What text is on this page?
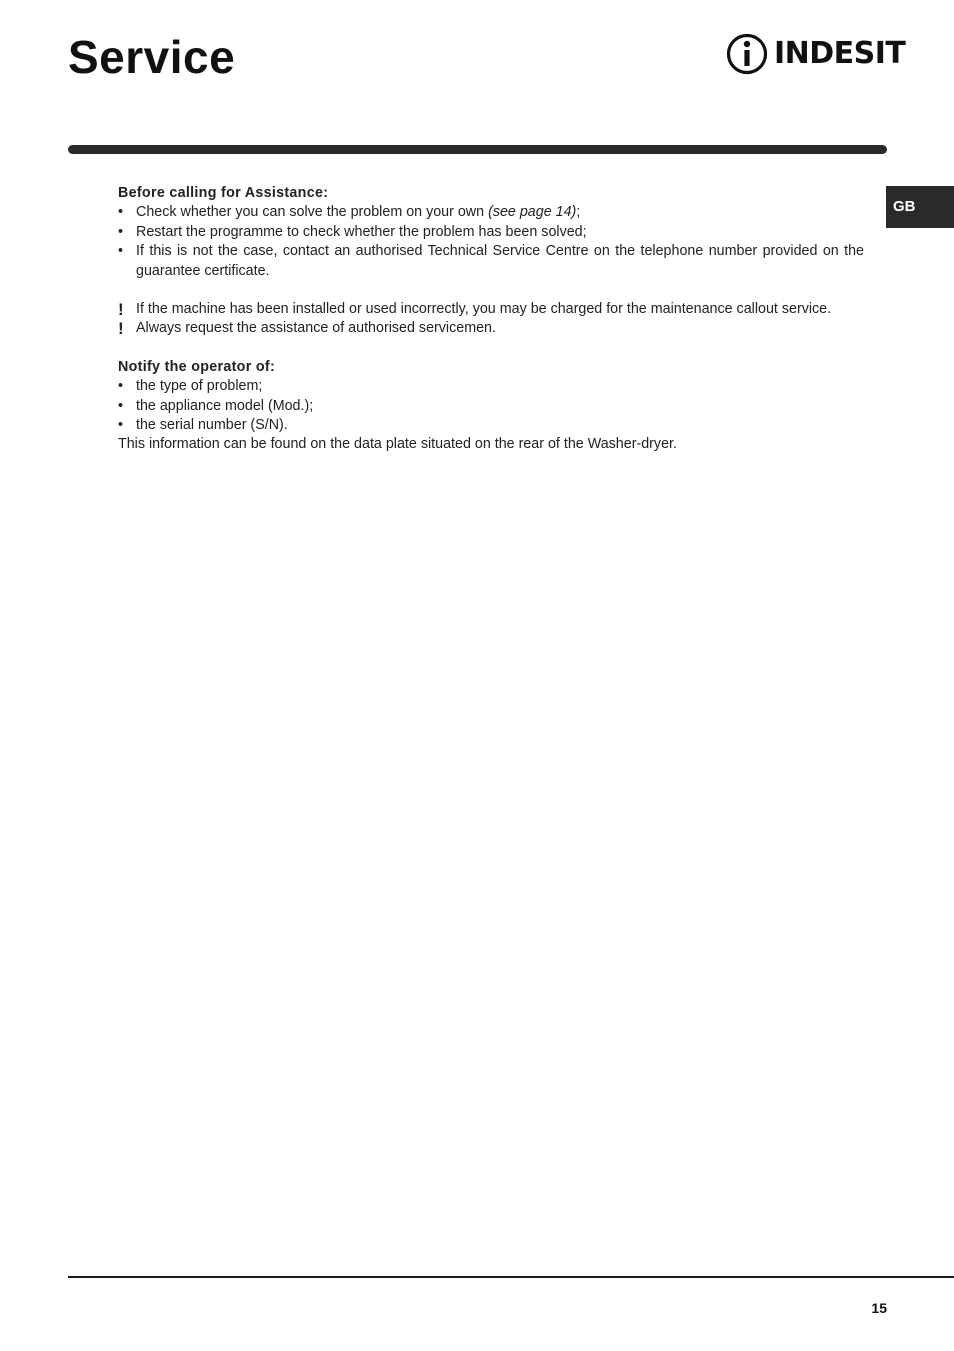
Service	INDESIT
GB

Before calling for Assistance:

• Check whether you can solve the problem on your own (see page 14);
• Restart the programme to check whether the problem has been solved;
• If this is not the case, contact an authorised Technical Service Centre on the telephone number provided on the guarantee certificate.
! If the machine has been installed or used incorrectly, you may be charged for the maintenance callout service.
! Always request the assistance of authorised servicemen.

Notify the operator of:

• the type of problem;
• the appliance model (Mod.);
• the serial number (S/N).

This information can be found on the data plate situated on the rear of the Washer-dryer.

15
